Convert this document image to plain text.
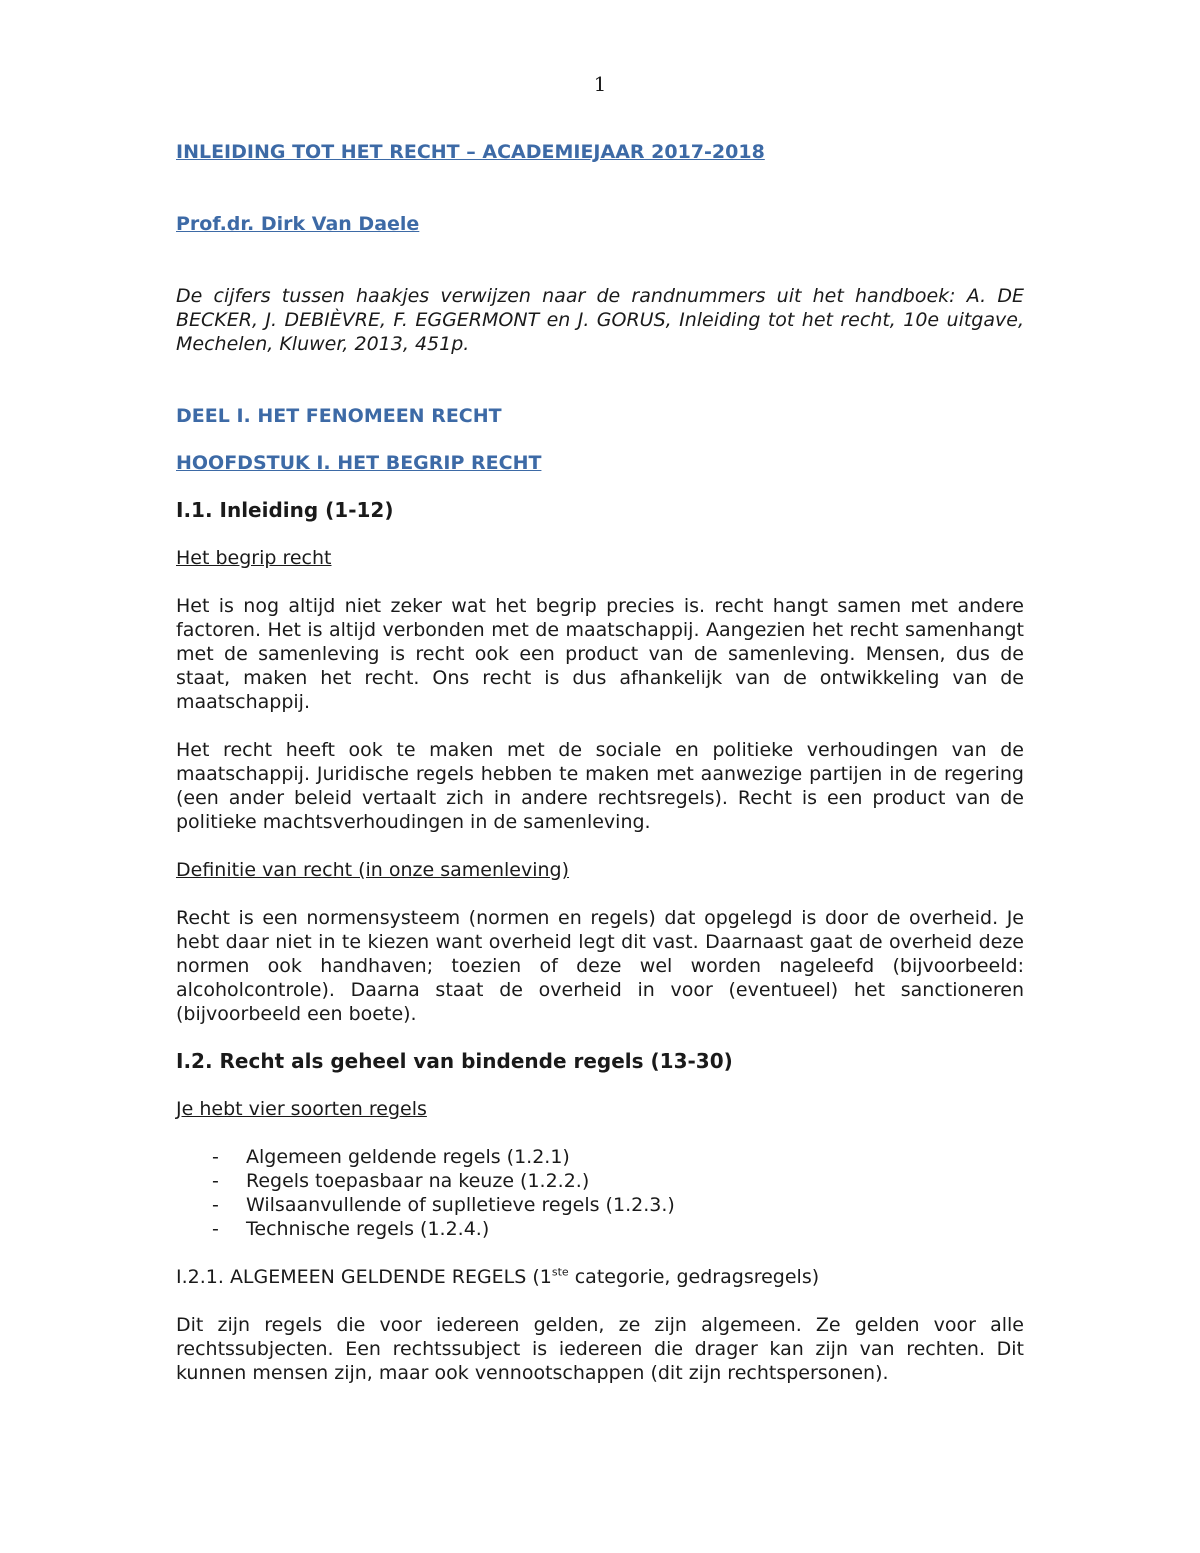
1

INLEIDING TOT HET RECHT – ACADEMIEJAAR 2017-2018

Prof.dr. Dirk Van Daele

De cijfers tussen haakjes verwijzen naar de randnummers uit het handboek: A. DE BECKER, J. DEBIÈVRE, F. EGGERMONT en J. GORUS, Inleiding tot het recht, 10e uitgave, Mechelen, Kluwer, 2013, 451p.

DEEL I. HET FENOMEEN RECHT

HOOFDSTUK I. HET BEGRIP RECHT

I.1. Inleiding (1-12)

Het begrip recht

Het is nog altijd niet zeker wat het begrip precies is. recht hangt samen met andere factoren. Het is altijd verbonden met de maatschappij. Aangezien het recht samenhangt met de samenleving is recht ook een product van de samenleving. Mensen, dus de staat, maken het recht. Ons recht is dus afhankelijk van de ontwikkeling van de maatschappij.

Het recht heeft ook te maken met de sociale en politieke verhoudingen van de maatschappij. Juridische regels hebben te maken met aanwezige partijen in de regering (een ander beleid vertaalt zich in andere rechtsregels). Recht is een product van de politieke machtsverhoudingen in de samenleving.

Definitie van recht (in onze samenleving)

Recht is een normensysteem (normen en regels) dat opgelegd is door de overheid. Je hebt daar niet in te kiezen want overheid legt dit vast. Daarnaast gaat de overheid deze normen ook handhaven; toezien of deze wel worden nageleefd (bijvoorbeeld: alcoholcontrole). Daarna staat de overheid in voor (eventueel) het sanctioneren (bijvoorbeeld een boete).

I.2. Recht als geheel van bindende regels (13-30)

Je hebt vier soorten regels

- Algemeen geldende regels (1.2.1)
- Regels toepasbaar na keuze (1.2.2.)
- Wilsaanvullende of suplletieve regels (1.2.3.)
- Technische regels (1.2.4.)

I.2.1. ALGEMEEN GELDENDE REGELS (1ste categorie, gedragsregels)

Dit zijn regels die voor iedereen gelden, ze zijn algemeen. Ze gelden voor alle rechtssubjecten. Een rechtssubject is iedereen die drager kan zijn van rechten. Dit kunnen mensen zijn, maar ook vennootschappen (dit zijn rechtspersonen).
